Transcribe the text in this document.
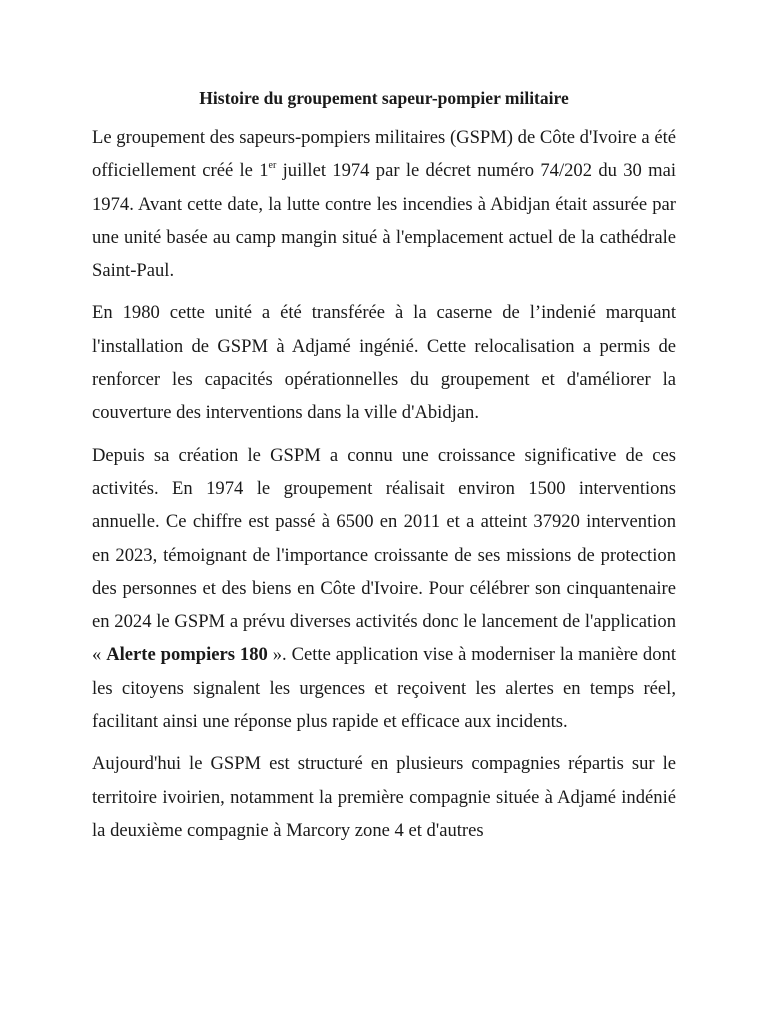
Histoire du groupement sapeur-pompier militaire

Le groupement des sapeurs-pompiers militaires (GSPM) de Côte d'Ivoire a été officiellement créé le 1er juillet 1974 par le décret numéro 74/202 du 30 mai 1974. Avant cette date, la lutte contre les incendies à Abidjan était assurée par une unité basée au camp mangin situé à l'emplacement actuel de la cathédrale Saint-Paul.

En 1980 cette unité a été transférée à la caserne de l’indenié marquant l'installation de GSPM à Adjamé ingénié. Cette relocalisation a permis de renforcer les capacités opérationnelles du groupement et d'améliorer la couverture des interventions dans la ville d'Abidjan.

Depuis sa création le GSPM a connu une croissance significative de ces activités. En 1974 le groupement réalisait environ 1500 interventions annuelle. Ce chiffre est passé à 6500 en 2011 et a atteint 37920 intervention en 2023, témoignant de l'importance croissante de ses missions de protection des personnes et des biens en Côte d'Ivoire. Pour célébrer son cinquantenaire en 2024 le GSPM a prévu diverses activités donc le lancement de l'application « Alerte pompiers 180 ». Cette application vise à moderniser la manière dont les citoyens signalent les urgences et reçoivent les alertes en temps réel, facilitant ainsi une réponse plus rapide et efficace aux incidents.

Aujourd'hui le GSPM est structuré en plusieurs compagnies répartis sur le territoire ivoirien, notamment la première compagnie située à Adjamé indénié la deuxième compagnie à Marcory zone 4 et d'autres
